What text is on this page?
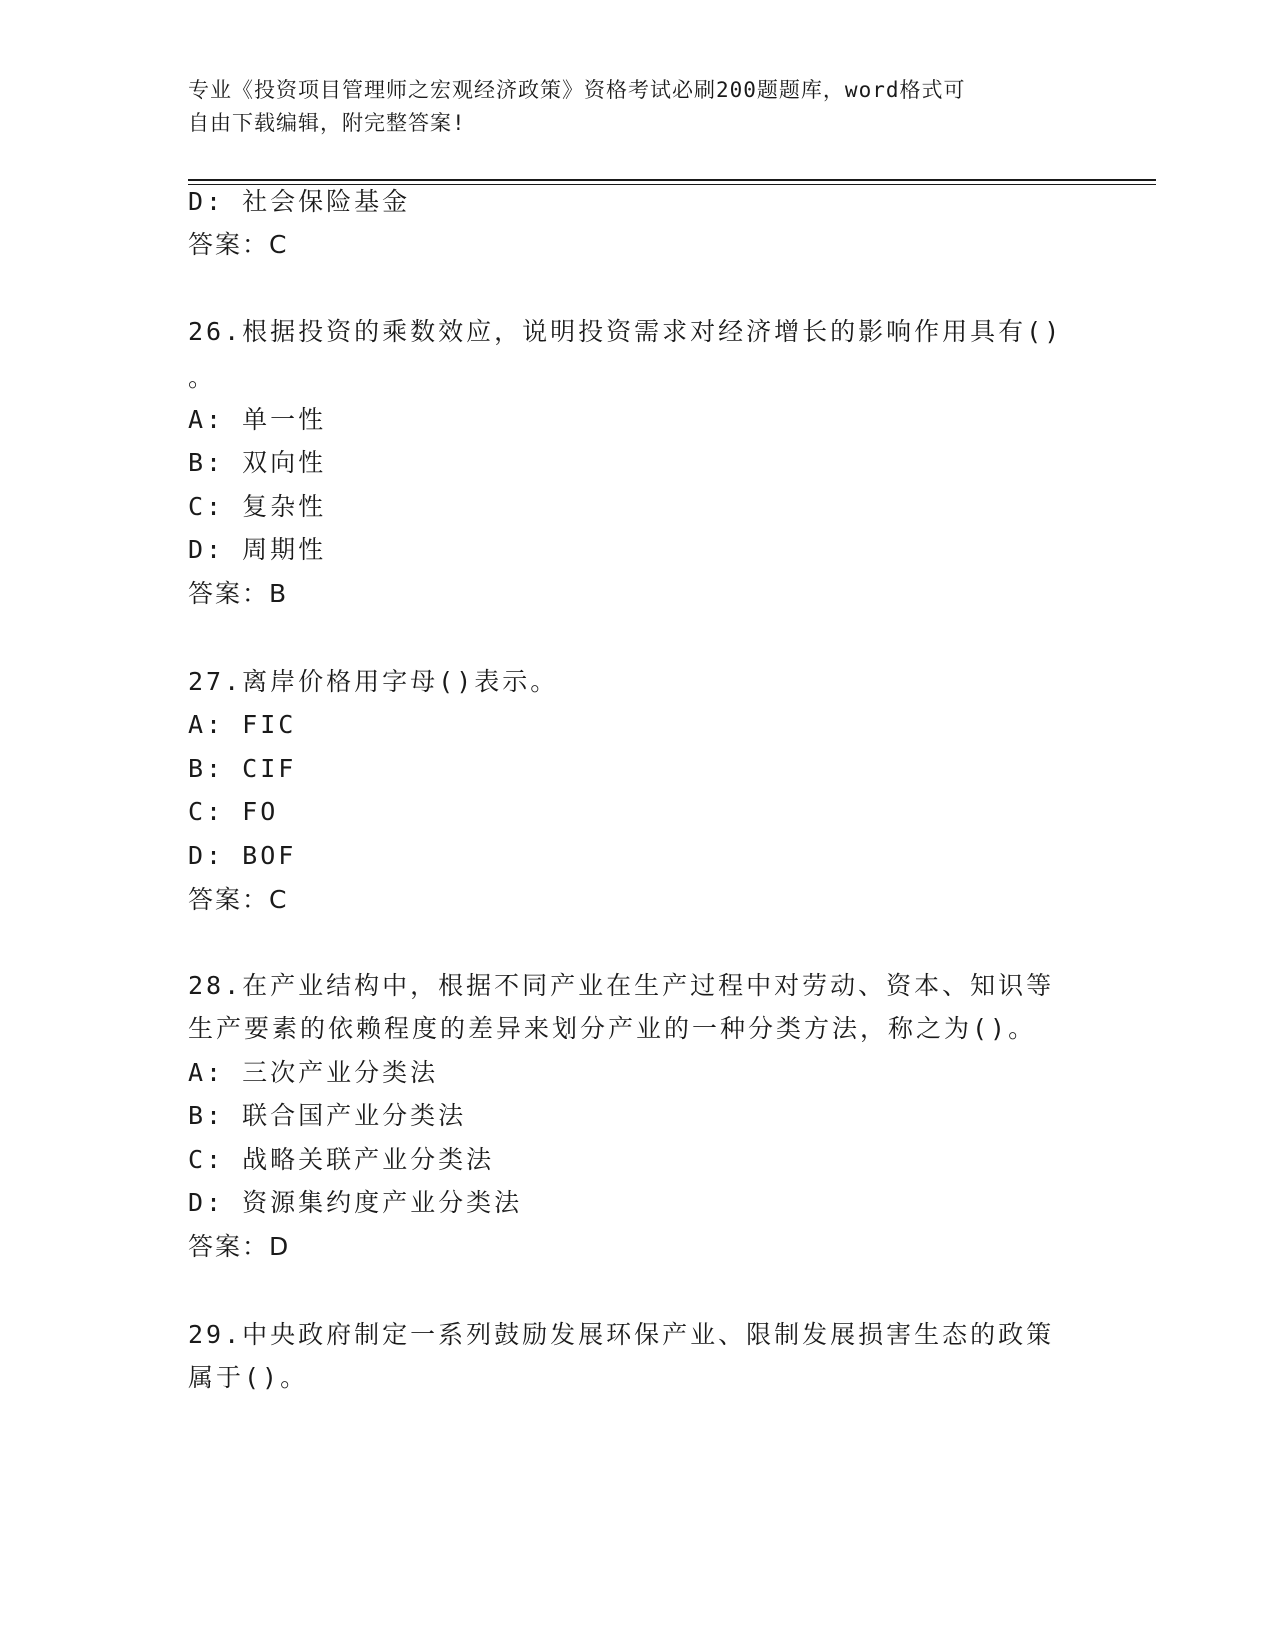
专业《投资项目管理师之宏观经济政策》资格考试必刷200题题库，word格式可
自由下载编辑，附完整答案!
D: 社会保险基金
答案：C
26.根据投资的乘数效应，说明投资需求对经济增长的影响作用具有()
。
A: 单一性
B: 双向性
C: 复杂性
D: 周期性
答案：B
27.离岸价格用字母()表示。
A: FIC
B: CIF
C: FO
D: BOF
答案：C
28.在产业结构中，根据不同产业在生产过程中对劳动、资本、知识等
生产要素的依赖程度的差异来划分产业的一种分类方法，称之为()。
A: 三次产业分类法
B: 联合国产业分类法
C: 战略关联产业分类法
D: 资源集约度产业分类法
答案：D
29.中央政府制定一系列鼓励发展环保产业、限制发展损害生态的政策
属于()。
